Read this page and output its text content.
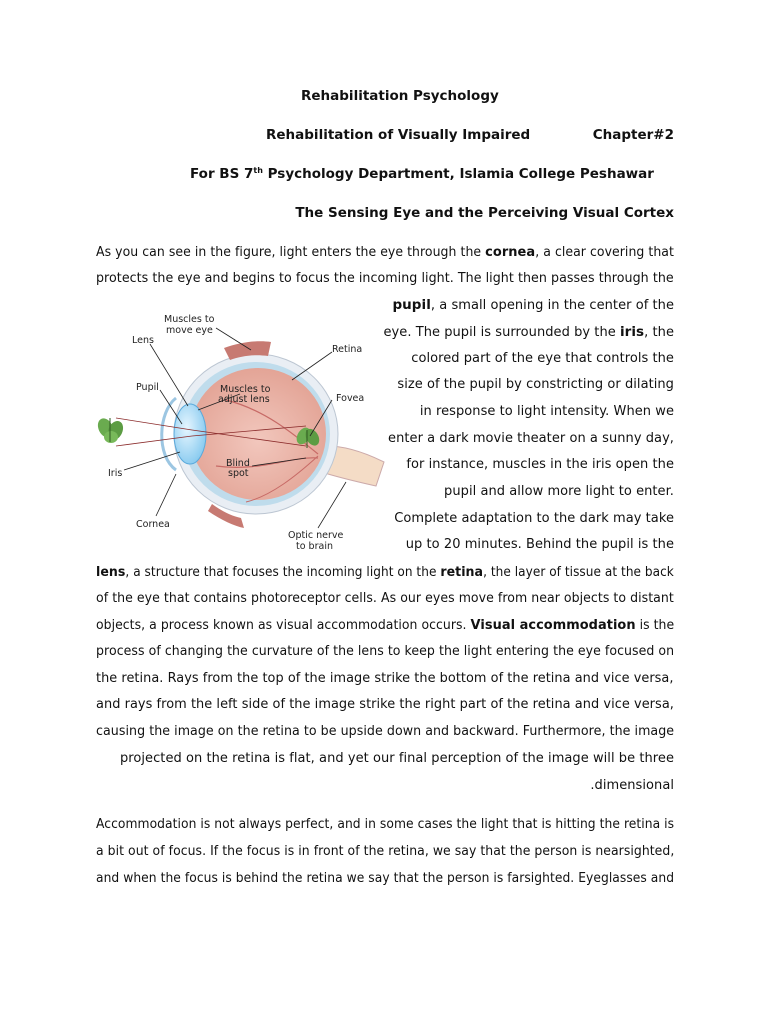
Rehabilitation Psychology
Rehabilitation of Visually Impaired	Chapter#2
For BS 7th Psychology Department, Islamia College Peshawar
The Sensing Eye and the Perceiving Visual Cortex
Muscles to
move eye
Lens
Retina
Pupil	Muscles to
adjust lens	Fovea
Iris
Blind
spot
Cornea
Optic nerve
to brain
As you can see in the figure, light enters the eye through the cornea, a clear covering that
protects the eye and begins to focus the incoming light. The light then passes through the
pupil, a small opening in the center of the
eye. The pupil is surrounded by the iris, the
colored part of the eye that controls the
size of the pupil by constricting or dilating
in response to light intensity. When we
enter a dark movie theater on a sunny day,
for instance, muscles in the iris open the
pupil and allow more light to enter.
Complete adaptation to the dark may take
up to 20 minutes. Behind the pupil is the
lens, a structure that focuses the incoming light on the retina, the layer of tissue at the back
of the eye that contains photoreceptor cells. As our eyes move from near objects to distant
objects, a process known as visual accommodation occurs. Visual accommodation is the
process of changing the curvature of the lens to keep the light entering the eye focused on
the retina. Rays from the top of the image strike the bottom of the retina and vice versa,
and rays from the left side of the image strike the right part of the retina and vice versa,
causing the image on the retina to be upside down and backward. Furthermore, the image
projected on the retina is flat, and yet our final perception of the image will be three
.dimensional
Accommodation is not always perfect, and in some cases the light that is hitting the retina is
a bit out of focus. If the focus is in front of the retina, we say that the person is nearsighted,
and when the focus is behind the retina we say that the person is farsighted. Eyeglasses and
